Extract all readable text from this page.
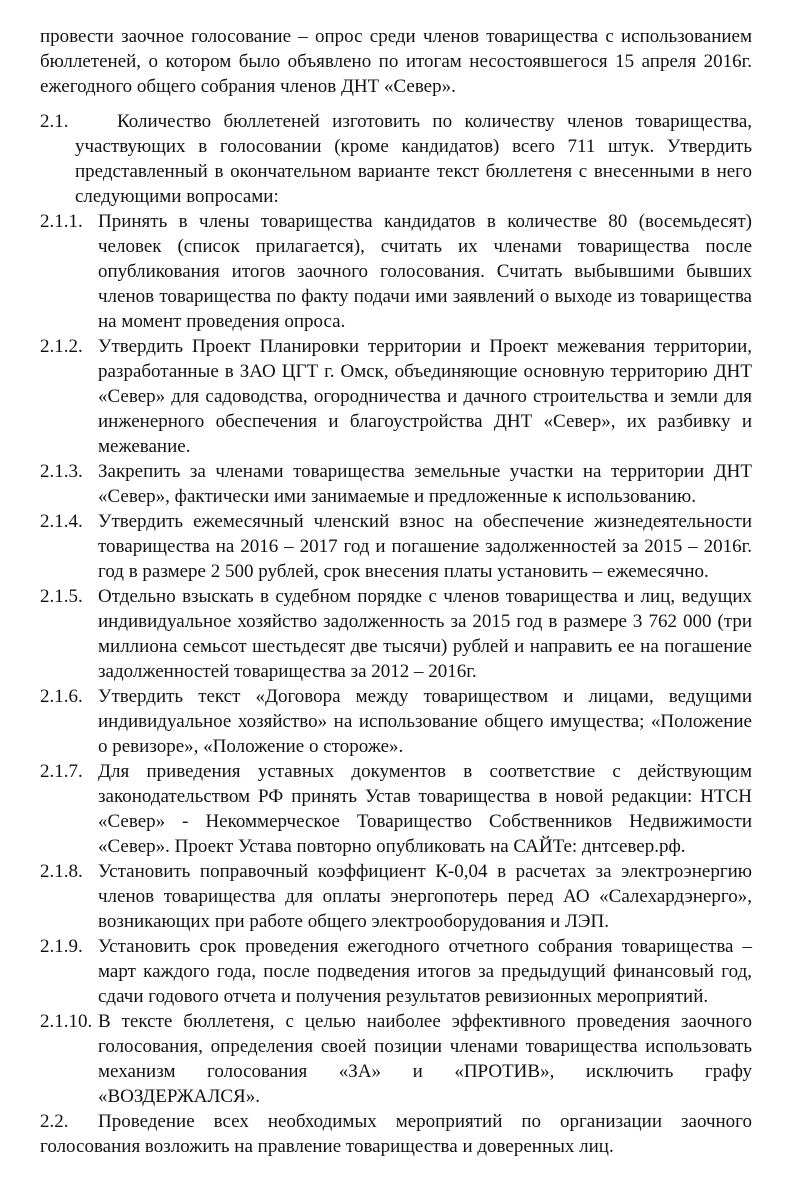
провести заочное голосование – опрос среди членов товарищества с использованием бюллетеней, о котором было объявлено по итогам несостоявшегося 15 апреля 2016г. ежегодного общего собрания членов ДНТ «Север».
2.1.	Количество бюллетеней изготовить по количеству членов товарищества, участвующих в голосовании (кроме кандидатов) всего 711 штук. Утвердить представленный в окончательном варианте текст бюллетеня с внесенными в него следующими вопросами:
2.1.1. Принять в члены товарищества кандидатов в количестве 80 (восемьдесят) человек (список прилагается), считать их членами товарищества после опубликования итогов заочного голосования. Считать выбывшими бывших членов товарищества по факту подачи ими заявлений о выходе из товарищества на момент проведения опроса.
2.1.2. Утвердить Проект Планировки территории и Проект межевания территории, разработанные в ЗАО ЦГТ г. Омск, объединяющие основную территорию ДНТ «Север» для садоводства, огородничества и дачного строительства и земли для инженерного обеспечения и благоустройства ДНТ «Север», их разбивку и межевание.
2.1.3. Закрепить за членами товарищества земельные участки на территории ДНТ «Север», фактически ими занимаемые и предложенные к использованию.
2.1.4. Утвердить ежемесячный членский взнос на обеспечение жизнедеятельности товарищества на 2016 – 2017 год и погашение задолженностей за 2015 – 2016г. год в размере 2 500 рублей, срок внесения платы установить – ежемесячно.
2.1.5. Отдельно взыскать в судебном порядке с членов товарищества и лиц, ведущих индивидуальное хозяйство задолженность за 2015 год в размере 3 762 000 (три миллиона семьсот шестьдесят две тысячи) рублей и направить ее на погашение задолженностей товарищества за 2012 – 2016г.
2.1.6. Утвердить текст «Договора между товариществом и лицами, ведущими индивидуальное хозяйство» на использование общего имущества; «Положение о ревизоре», «Положение о стороже».
2.1.7. Для приведения уставных документов в соответствие с действующим законодательством РФ принять Устав товарищества в новой редакции: НТСН «Север» - Некоммерческое Товарищество Собственников Недвижимости «Север». Проект Устава повторно опубликовать на САЙТе: днтсевер.рф.
2.1.8. Установить поправочный коэффициент К-0,04 в расчетах за электроэнергию членов товарищества для оплаты энергопотерь перед АО «Салехардэнерго», возникающих при работе общего электрооборудования и ЛЭП.
2.1.9. Установить срок проведения ежегодного отчетного собрания товарищества – март каждого года, после подведения итогов за предыдущий финансовый год, сдачи годового отчета и получения результатов ревизионных мероприятий.
2.1.10. В тексте бюллетеня, с целью наиболее эффективного проведения заочного голосования, определения своей позиции членами товарищества использовать механизм голосования «ЗА» и «ПРОТИВ», исключить графу «ВОЗДЕРЖАЛСЯ».
2.2.	Проведение всех необходимых мероприятий по организации заочного голосования возложить на правление товарищества и доверенных лиц.
